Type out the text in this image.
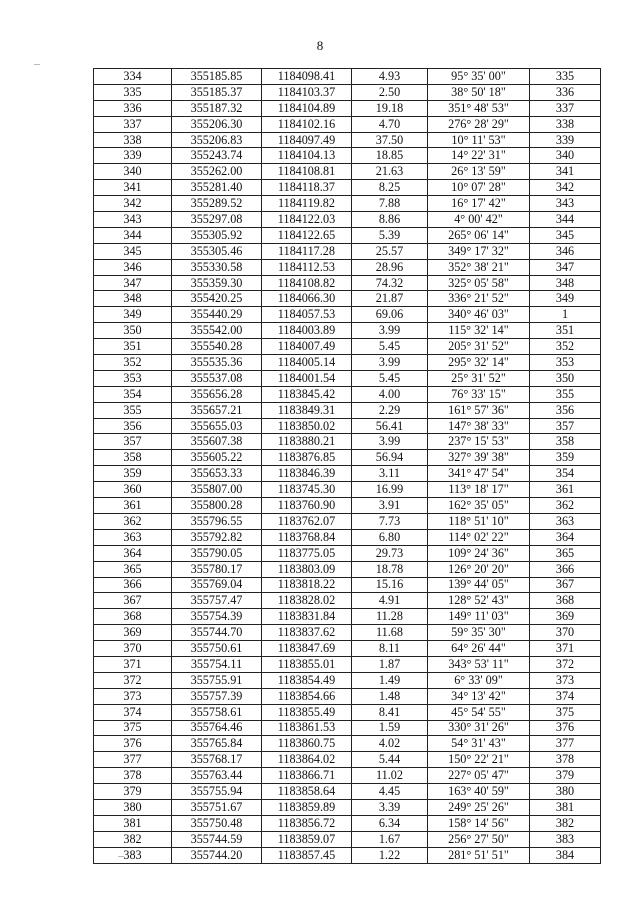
8
334	355185.85	1184098.41	4.93	95° 35' 00"	335
335	355185.37	1184103.37	2.50	38° 50' 18"	336
336	355187.32	1184104.89	19.18	351° 48' 53"	337
337	355206.30	1184102.16	4.70	276° 28' 29"	338
338	355206.83	1184097.49	37.50	10° 11' 53"	339
339	355243.74	1184104.13	18.85	14° 22' 31"	340
340	355262.00	1184108.81	21.63	26° 13' 59"	341
341	355281.40	1184118.37	8.25	10° 07' 28"	342
342	355289.52	1184119.82	7.88	16° 17' 42"	343
343	355297.08	1184122.03	8.86	4° 00' 42"	344
344	355305.92	1184122.65	5.39	265° 06' 14"	345
345	355305.46	1184117.28	25.57	349° 17' 32"	346
346	355330.58	1184112.53	28.96	352° 38' 21"	347
347	355359.30	1184108.82	74.32	325° 05' 58"	348
348	355420.25	1184066.30	21.87	336° 21' 52"	349
349	355440.29	1184057.53	69.06	340° 46' 03"	1
350	355542.00	1184003.89	3.99	115° 32' 14"	351
351	355540.28	1184007.49	5.45	205° 31' 52"	352
352	355535.36	1184005.14	3.99	295° 32' 14"	353
353	355537.08	1184001.54	5.45	25° 31' 52"	350
354	355656.28	1183845.42	4.00	76° 33' 15"	355
355	355657.21	1183849.31	2.29	161° 57' 36"	356
356	355655.03	1183850.02	56.41	147° 38' 33"	357
357	355607.38	1183880.21	3.99	237° 15' 53"	358
358	355605.22	1183876.85	56.94	327° 39' 38"	359
359	355653.33	1183846.39	3.11	341° 47' 54"	354
360	355807.00	1183745.30	16.99	113° 18' 17"	361
361	355800.28	1183760.90	3.91	162° 35' 05"	362
362	355796.55	1183762.07	7.73	118° 51' 10"	363
363	355792.82	1183768.84	6.80	114° 02' 22"	364
364	355790.05	1183775.05	29.73	109° 24' 36"	365
365	355780.17	1183803.09	18.78	126° 20' 20"	366
366	355769.04	1183818.22	15.16	139° 44' 05"	367
367	355757.47	1183828.02	4.91	128° 52' 43"	368
368	355754.39	1183831.84	11.28	149° 11' 03"	369
369	355744.70	1183837.62	11.68	59° 35' 30"	370
370	355750.61	1183847.69	8.11	64° 26' 44"	371
371	355754.11	1183855.01	1.87	343° 53' 11"	372
372	355755.91	1183854.49	1.49	6° 33' 09"	373
373	355757.39	1183854.66	1.48	34° 13' 42"	374
374	355758.61	1183855.49	8.41	45° 54' 55"	375
375	355764.46	1183861.53	1.59	330° 31' 26"	376
376	355765.84	1183860.75	4.02	54° 31' 43"	377
377	355768.17	1183864.02	5.44	150° 22' 21"	378
378	355763.44	1183866.71	11.02	227° 05' 47"	379
379	355755.94	1183858.64	4.45	163° 40' 59"	380
380	355751.67	1183859.89	3.39	249° 25' 26"	381
381	355750.48	1183856.72	6.34	158° 14' 56"	382
382	355744.59	1183859.07	1.67	256° 27' 50"	383
383	355744.20	1183857.45	1.22	281° 51' 51"	384
